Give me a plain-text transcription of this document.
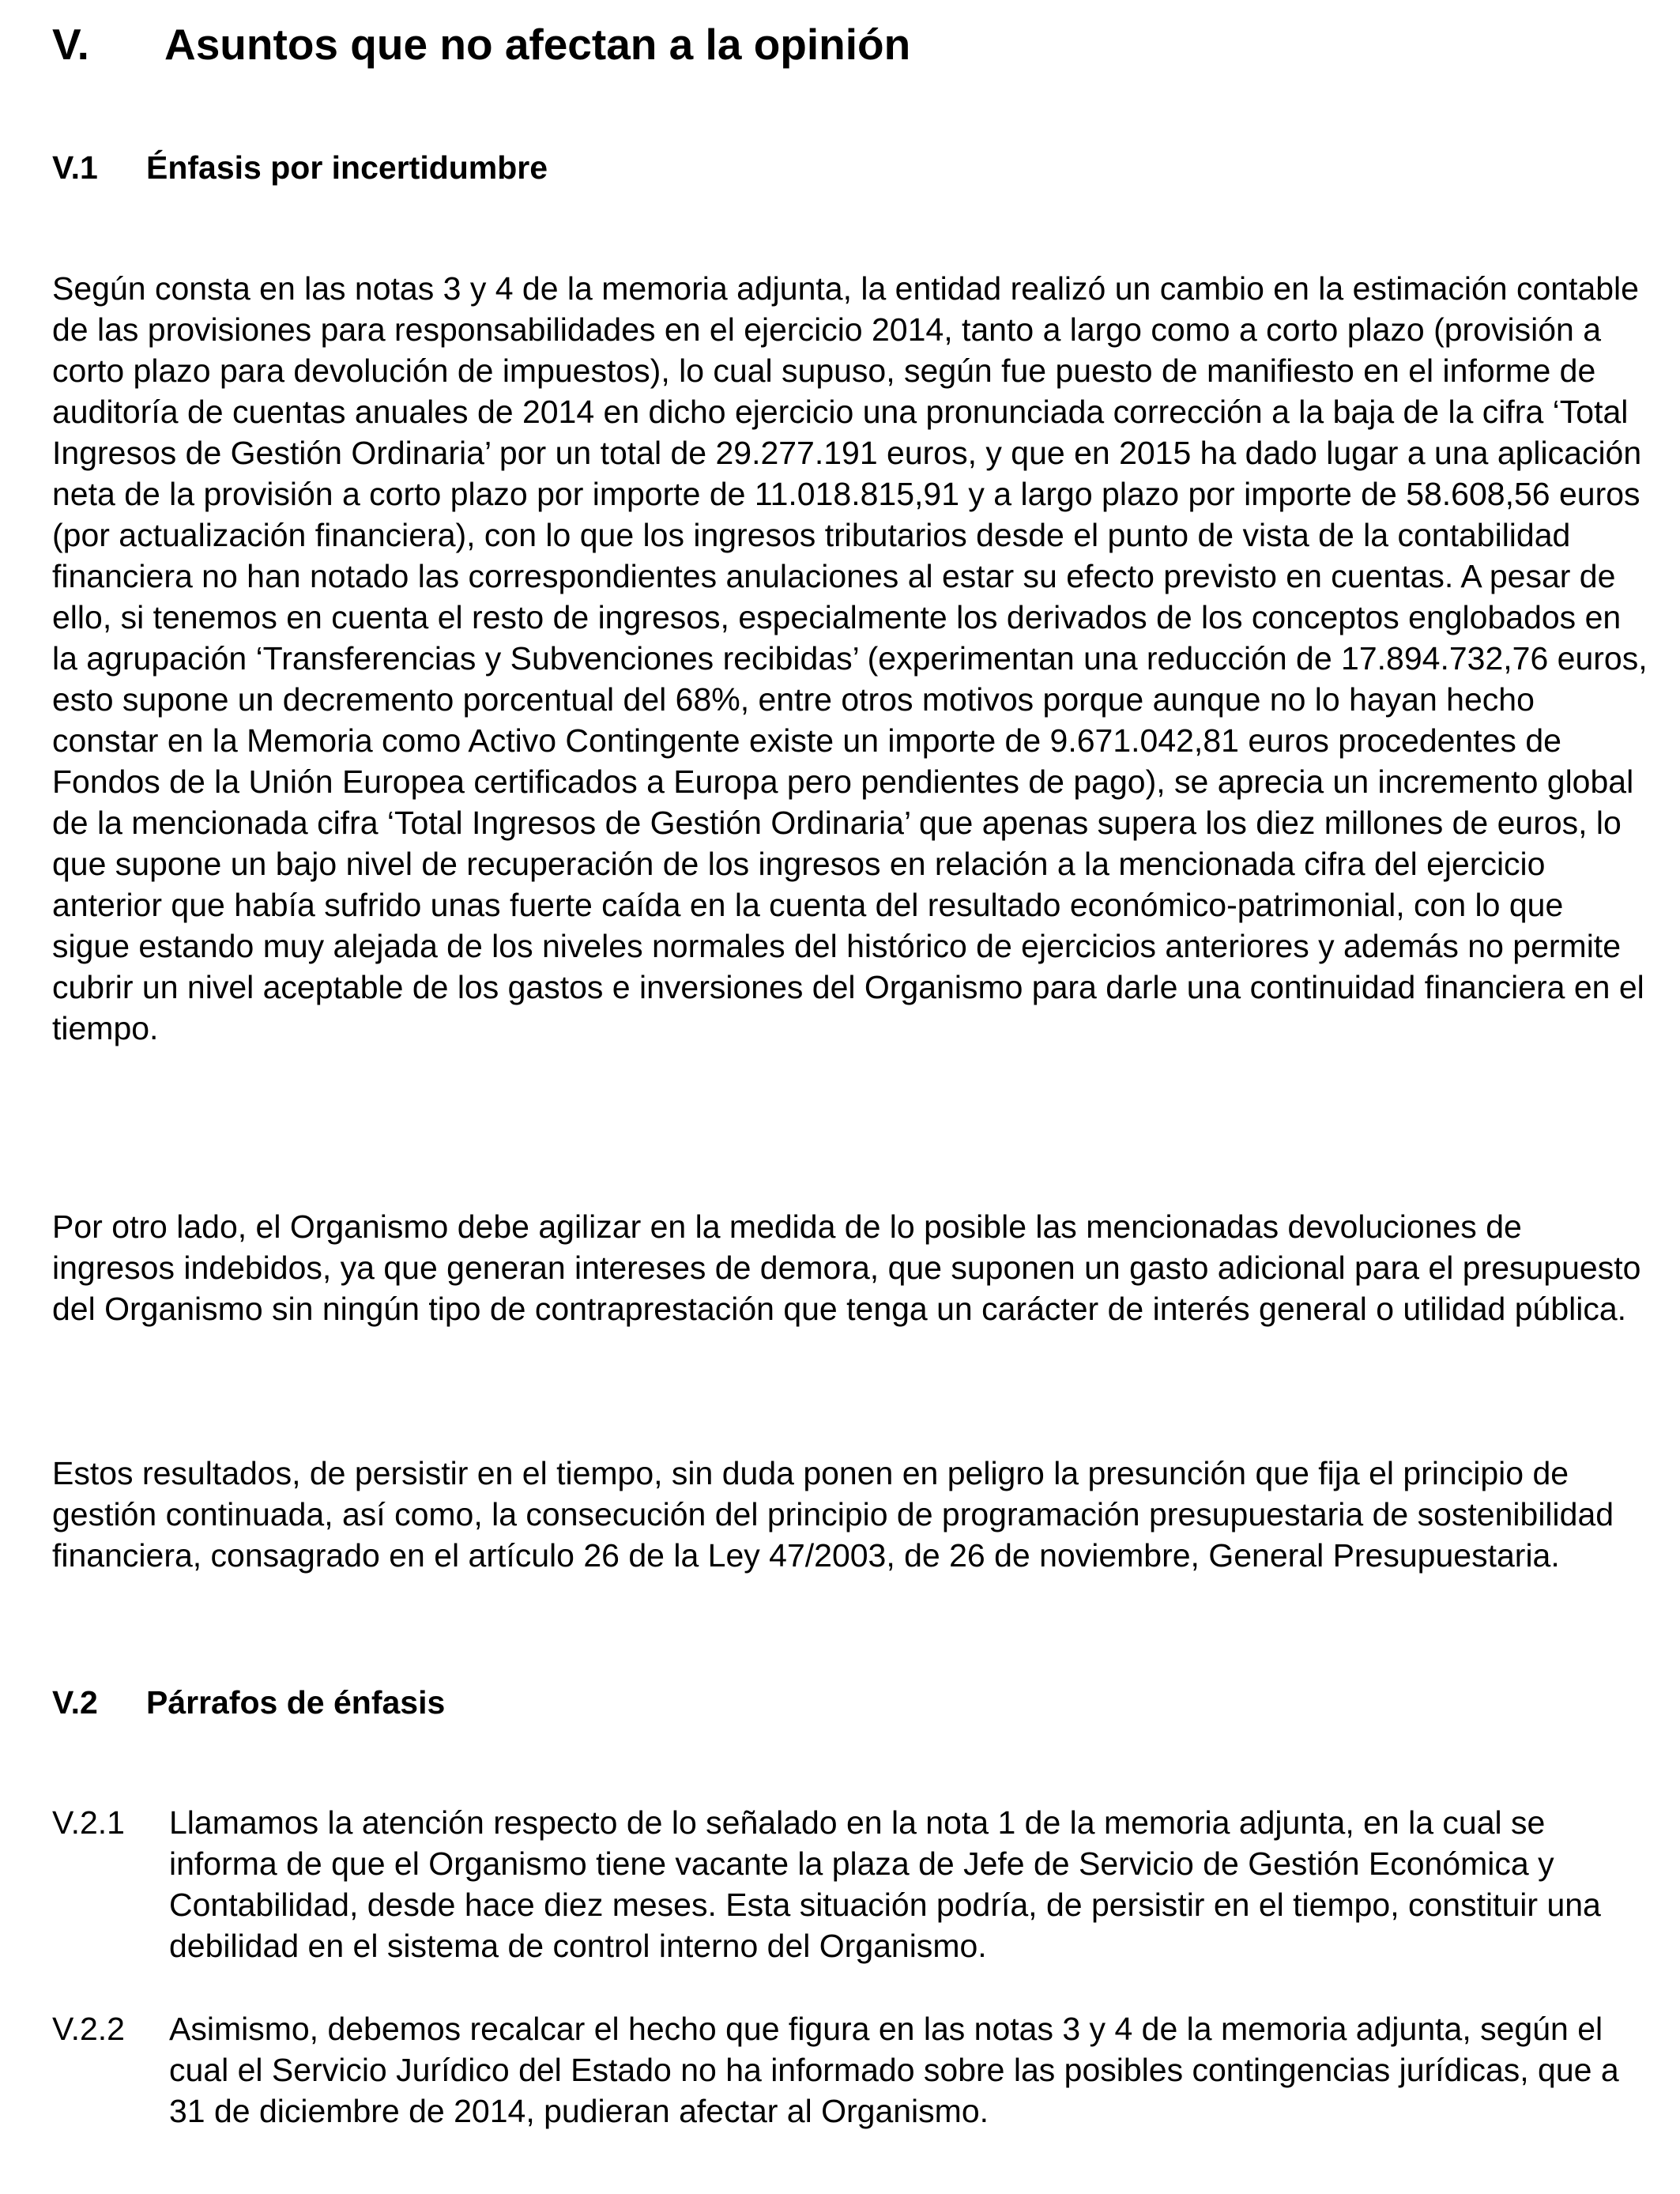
V. Asuntos que no afectan a la opinión
V.1 Énfasis por incertidumbre

Según consta en las notas 3 y 4 de la memoria adjunta, la entidad realizó un cambio en la estimación contable de las provisiones para responsabilidades en el ejercicio 2014, tanto a largo como a corto plazo (provisión a corto plazo para devolución de impuestos), lo cual supuso, según fue puesto de manifiesto en el informe de auditoría de cuentas anuales de 2014 en dicho ejercicio una pronunciada corrección a la baja de la cifra ‘Total Ingresos de Gestión Ordinaria’ por un total de 29.277.191 euros, y que en 2015 ha dado lugar a una aplicación neta de la provisión a corto plazo por importe de 11.018.815,91 y a largo plazo por importe de 58.608,56 euros (por actualización financiera), con lo que los ingresos tributarios desde el punto de vista de la contabilidad financiera no han notado las correspondientes anulaciones al estar su efecto previsto en cuentas. A pesar de ello, si tenemos en cuenta el resto de ingresos, especialmente los derivados de los conceptos englobados en la agrupación ‘Transferencias y Subvenciones recibidas’ (experimentan una reducción de 17.894.732,76 euros, esto supone un decremento porcentual del 68%, entre otros motivos porque aunque no lo hayan hecho constar en la Memoria como Activo Contingente existe un importe de 9.671.042,81 euros procedentes de Fondos de la Unión Europea certificados a Europa pero pendientes de pago), se aprecia un incremento global de la mencionada cifra ‘Total Ingresos de Gestión Ordinaria’ que apenas supera los diez millones de euros, lo que supone un bajo nivel de recuperación de los ingresos en relación a la mencionada cifra del ejercicio anterior que había sufrido unas fuerte caída en la cuenta del resultado económico-patrimonial, con lo que sigue estando muy alejada de los niveles normales del histórico de ejercicios anteriores y además no permite cubrir un nivel aceptable de los gastos e inversiones del Organismo para darle una continuidad financiera en el tiempo.

Por otro lado, el Organismo debe agilizar en la medida de lo posible las mencionadas devoluciones de ingresos indebidos, ya que generan intereses de demora, que suponen un gasto adicional para el presupuesto del Organismo sin ningún tipo de contraprestación que tenga un carácter de interés general o utilidad pública.

Estos resultados, de persistir en el tiempo, sin duda ponen en peligro la presunción que fija el principio de gestión continuada, así como, la consecución del principio de programación presupuestaria de sostenibilidad financiera, consagrado en el artículo 26 de la Ley 47/2003, de 26 de noviembre, General Presupuestaria.

V.2 Párrafos de énfasis
V.2.1	Llamamos la atención respecto de lo señalado en la nota 1 de la memoria adjunta, en la cual se informa de que el Organismo tiene vacante la plaza de Jefe de Servicio de Gestión Económica y Contabilidad, desde hace diez meses. Esta situación podría, de persistir en el tiempo, constituir una debilidad en el sistema de control interno del Organismo.
V.2.2	Asimismo, debemos recalcar el hecho que figura en las notas 3 y 4 de la memoria adjunta, según el cual el Servicio Jurídico del Estado no ha informado sobre las posibles contingencias jurídicas, que a 31 de diciembre de 2014, pudieran afectar al Organismo.
